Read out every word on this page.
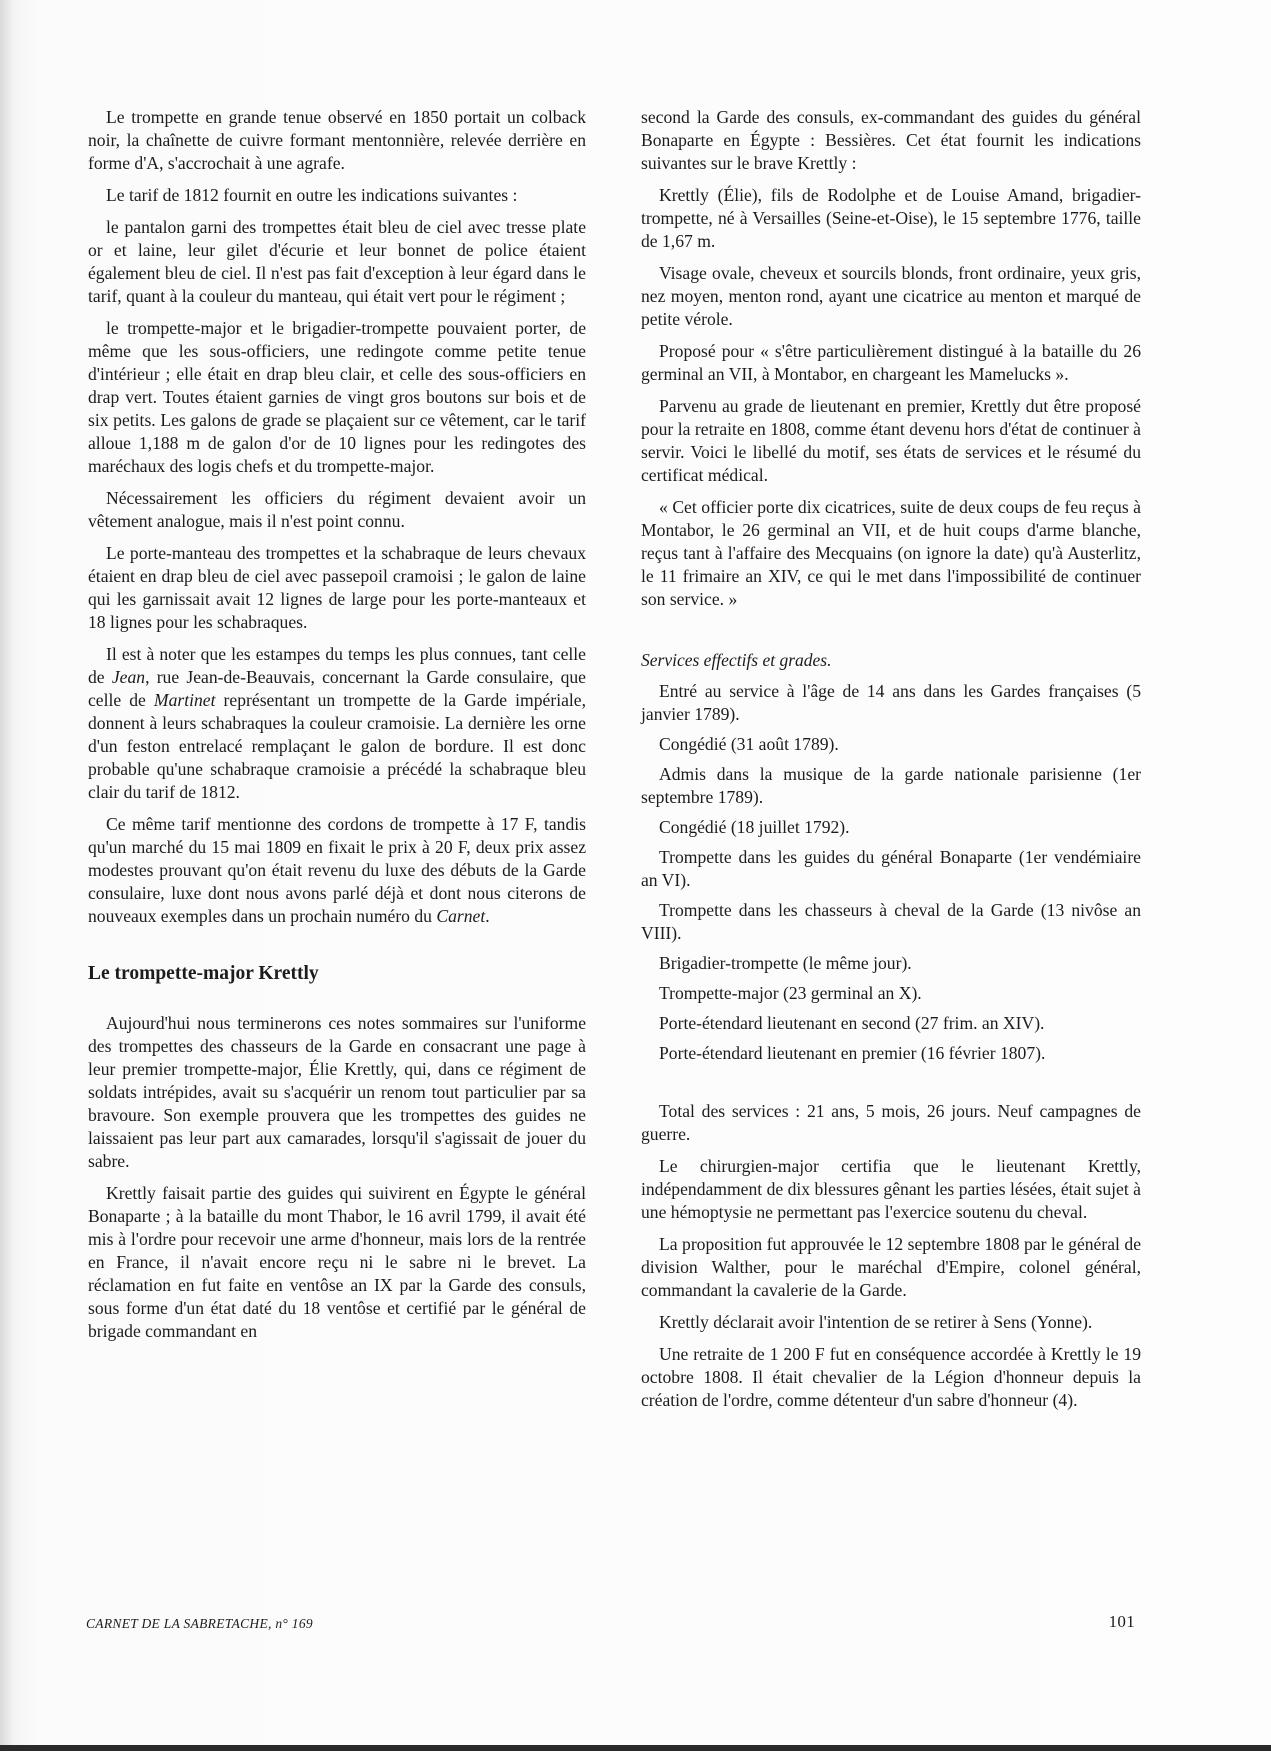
Le trompette en grande tenue observé en 1850 portait un colback noir, la chaînette de cuivre formant mentonnière, relevée derrière en forme d'A, s'accrochait à une agrafe.

Le tarif de 1812 fournit en outre les indications suivantes :

le pantalon garni des trompettes était bleu de ciel avec tresse plate or et laine, leur gilet d'écurie et leur bonnet de police étaient également bleu de ciel. Il n'est pas fait d'exception à leur égard dans le tarif, quant à la couleur du manteau, qui était vert pour le régiment ;

le trompette-major et le brigadier-trompette pouvaient porter, de même que les sous-officiers, une redingote comme petite tenue d'intérieur ; elle était en drap bleu clair, et celle des sous-officiers en drap vert. Toutes étaient garnies de vingt gros boutons sur bois et de six petits. Les galons de grade se plaçaient sur ce vêtement, car le tarif alloue 1,188 m de galon d'or de 10 lignes pour les redingotes des maréchaux des logis chefs et du trompette-major.

Nécessairement les officiers du régiment devaient avoir un vêtement analogue, mais il n'est point connu.

Le porte-manteau des trompettes et la schabraque de leurs chevaux étaient en drap bleu de ciel avec passepoil cramoisi ; le galon de laine qui les garnissait avait 12 lignes de large pour les porte-manteaux et 18 lignes pour les schabraques.

Il est à noter que les estampes du temps les plus connues, tant celle de Jean, rue Jean-de-Beauvais, concernant la Garde consulaire, que celle de Martinet représentant un trompette de la Garde impériale, donnent à leurs schabraques la couleur cramoisie. La dernière les orne d'un feston entrelacé remplaçant le galon de bordure. Il est donc probable qu'une schabraque cramoisie a précédé la schabraque bleu clair du tarif de 1812.

Ce même tarif mentionne des cordons de trompette à 17 F, tandis qu'un marché du 15 mai 1809 en fixait le prix à 20 F, deux prix assez modestes prouvant qu'on était revenu du luxe des débuts de la Garde consulaire, luxe dont nous avons parlé déjà et dont nous citerons de nouveaux exemples dans un prochain numéro du Carnet.

Le trompette-major Krettly

Aujourd'hui nous terminerons ces notes sommaires sur l'uniforme des trompettes des chasseurs de la Garde en consacrant une page à leur premier trompette-major, Élie Krettly, qui, dans ce régiment de soldats intrépides, avait su s'acquérir un renom tout particulier par sa bravoure. Son exemple prouvera que les trompettes des guides ne laissaient pas leur part aux camarades, lorsqu'il s'agissait de jouer du sabre.

Krettly faisait partie des guides qui suivirent en Égypte le général Bonaparte ; à la bataille du mont Thabor, le 16 avril 1799, il avait été mis à l'ordre pour recevoir une arme d'honneur, mais lors de la rentrée en France, il n'avait encore reçu ni le sabre ni le brevet. La réclamation en fut faite en ventôse an IX par la Garde des consuls, sous forme d'un état daté du 18 ventôse et certifié par le général de brigade commandant en

second la Garde des consuls, ex-commandant des guides du général Bonaparte en Égypte : Bessières. Cet état fournit les indications suivantes sur le brave Krettly :

Krettly (Élie), fils de Rodolphe et de Louise Amand, brigadier-trompette, né à Versailles (Seine-et-Oise), le 15 septembre 1776, taille de 1,67 m.

Visage ovale, cheveux et sourcils blonds, front ordinaire, yeux gris, nez moyen, menton rond, ayant une cicatrice au menton et marqué de petite vérole.

Proposé pour « s'être particulièrement distingué à la bataille du 26 germinal an VII, à Montabor, en chargeant les Mamelucks ».

Parvenu au grade de lieutenant en premier, Krettly dut être proposé pour la retraite en 1808, comme étant devenu hors d'état de continuer à servir. Voici le libellé du motif, ses états de services et le résumé du certificat médical.

« Cet officier porte dix cicatrices, suite de deux coups de feu reçus à Montabor, le 26 germinal an VII, et de huit coups d'arme blanche, reçus tant à l'affaire des Mecquains (on ignore la date) qu'à Austerlitz, le 11 frimaire an XIV, ce qui le met dans l'impossibilité de continuer son service. »

Services effectifs et grades.

Entré au service à l'âge de 14 ans dans les Gardes françaises (5 janvier 1789).

Congédié (31 août 1789).

Admis dans la musique de la garde nationale parisienne (1er septembre 1789).

Congédié (18 juillet 1792).

Trompette dans les guides du général Bonaparte (1er vendémiaire an VI).

Trompette dans les chasseurs à cheval de la Garde (13 nivôse an VIII).

Brigadier-trompette (le même jour).

Trompette-major (23 germinal an X).

Porte-étendard lieutenant en second (27 frim. an XIV).

Porte-étendard lieutenant en premier (16 février 1807).

Total des services : 21 ans, 5 mois, 26 jours. Neuf campagnes de guerre.

Le chirurgien-major certifia que le lieutenant Krettly, indépendamment de dix blessures gênant les parties lésées, était sujet à une hémoptysie ne permettant pas l'exercice soutenu du cheval.

La proposition fut approuvée le 12 septembre 1808 par le général de division Walther, pour le maréchal d'Empire, colonel général, commandant la cavalerie de la Garde.

Krettly déclarait avoir l'intention de se retirer à Sens (Yonne).

Une retraite de 1 200 F fut en conséquence accordée à Krettly le 19 octobre 1808. Il était chevalier de la Légion d'honneur depuis la création de l'ordre, comme détenteur d'un sabre d'honneur (4).

CARNET DE LA SABRETACHE, n° 169	101
